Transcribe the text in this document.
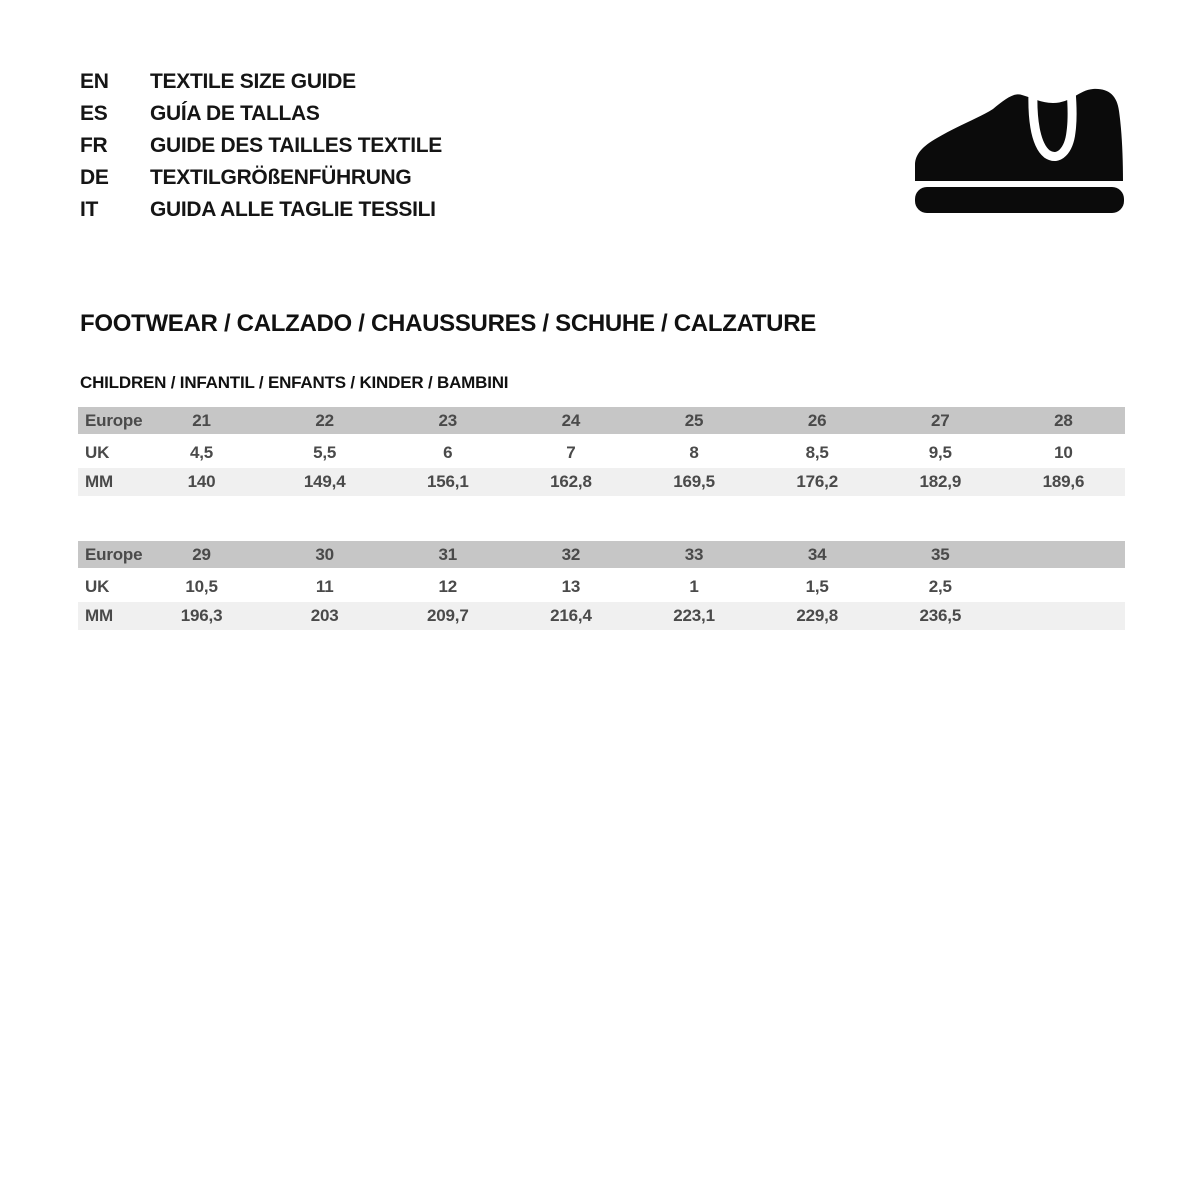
EN	TEXTILE SIZE GUIDE
ES	GUÍA DE TALLAS
FR	GUIDE DES TAILLES TEXTILE
DE	TEXTILGRÖßENFÜHRUNG
IT	GUIDA ALLE TAGLIE TESSILI
FOOTWEAR / CALZADO / CHAUSSURES / SCHUHE / CALZATURE
CHILDREN / INFANTIL / ENFANTS / KINDER / BAMBINI
Europe	21	22	23	24	25	26	27	28
UK	4,5	5,5	6	7	8	8,5	9,5	10
MM	140	149,4	156,1	162,8	169,5	176,2	182,9	189,6
Europe	29	30	31	32	33	34	35	
UK	10,5	11	12	13	1	1,5	2,5	
MM	196,3	203	209,7	216,4	223,1	229,8	236,5	
